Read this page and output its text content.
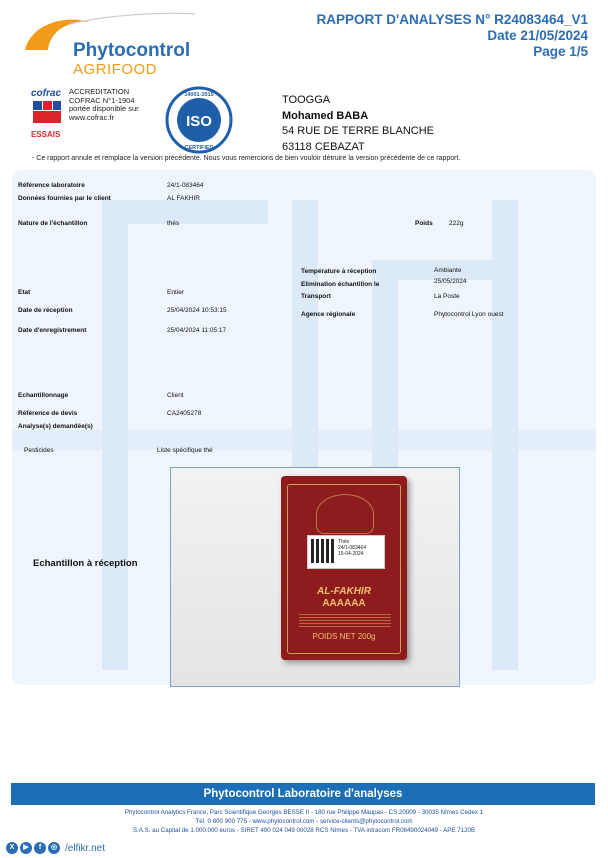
RAPPORT D'ANALYSES N° R24083464_V1
Date 21/05/2024
Page 1/5
Phytocontrol
AGRIFOOD
cofrac
ESSAIS
ACCREDITATION
COFRAC N°1-1904
portée disponible sur
www.cofrac.fr	ISO
14001-2015
CERTIFIED
TOOGGA
Mohamed BABA
54 RUE DE TERRE BLANCHE
63118 CEBAZAT
- Ce rapport annule et remplace la version précédente. Nous vous remercions de bien vouloir détruire la version précédente de ce rapport.
Référence laboratoire	24/1-083464
Données fournies par le client	AL FAKHIR
Nature de l'échantillon	thés	Poids	222g
Température à réception	Ambiante
Elimination échantillon le	25/05/2024
Transport	La Poste
Etat	Entier
Date de réception	25/04/2024 10:53:15
Agence régionale	Phytocontrol Lyon ouest
Date d'enregistrement	25/04/2024 11:05:17
Echantillonnage	Client
Référence de devis	CA2405278
Analyse(s) demandée(s)
Pesticides	Liste spécifique thé
Echantillon à réception
Thés
24/1-083464
15-04-2024
AL-FAKHIR
AAAAAA
POIDS NET 200g
Phytocontrol Laboratoire d'analyses
Phytocontrol Analytics France, Parc Scientifique Georges BESSE II - 180 rue Philippe Maupas - CS 20009 - 30035 Nîmes Cedex 1
Tél. 0 800 900 775 - www.phytocontrol.com - service-clients@phytocontrol.com
S.A.S. au Capital de 1.000.000 euros - SIRET 490 024 049 00028 RCS Nîmes - TVA intracom FR08490024049 - APE 7120B
X	▶	f	◎ /elfikr.net
